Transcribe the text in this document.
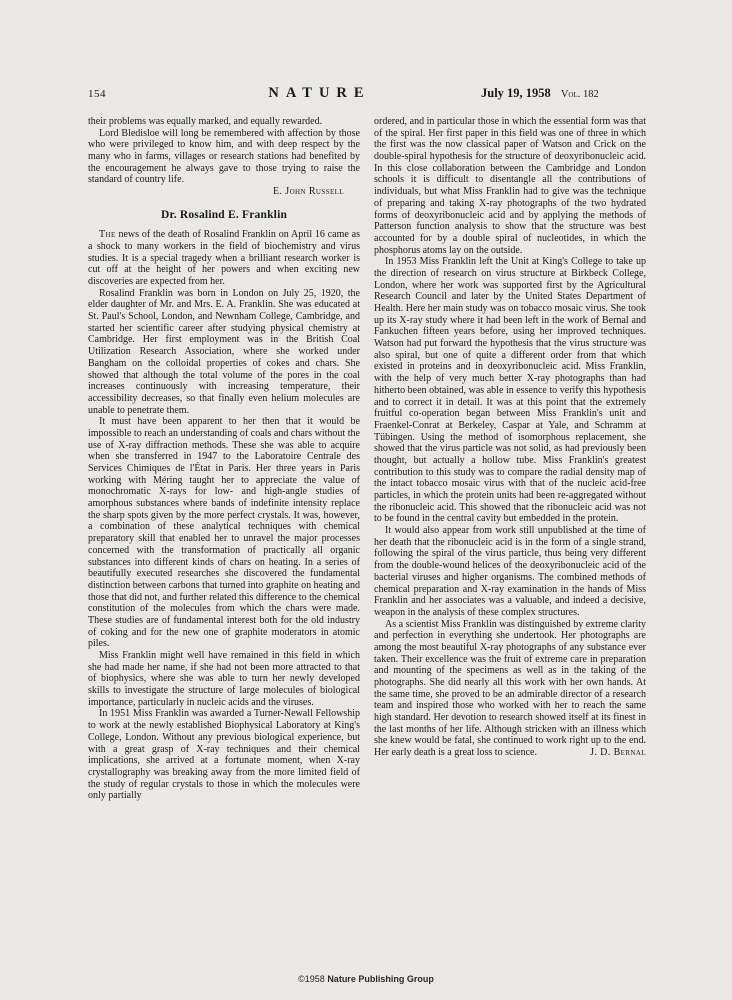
154	NATURE	July 19, 1958 Vol. 182

their problems was equally marked, and equally rewarded.

Lord Bledisloe will long be remembered with affection by those who were privileged to know him, and with deep respect by the many who in farms, villages or research stations had benefited by the encouragement he always gave to those trying to raise the standard of country life.

E. John Russell

Dr. Rosalind E. Franklin

The news of the death of Rosalind Franklin on April 16 came as a shock to many workers in the field of biochemistry and virus studies. It is a special tragedy when a brilliant research worker is cut off at the height of her powers and when exciting new discoveries are expected from her.

Rosalind Franklin was born in London on July 25, 1920, the elder daughter of Mr. and Mrs. E. A. Franklin. She was educated at St. Paul's School, London, and Newnham College, Cambridge, and started her scientific career after studying physical chemistry at Cambridge. Her first employment was in the British Coal Utilization Research Association, where she worked under Bangham on the colloidal properties of cokes and chars. She showed that although the total volume of the pores in the coal increases continuously with increasing temperature, their accessibility decreases, so that finally even helium molecules are unable to penetrate them.

It must have been apparent to her then that it would be impossible to reach an understanding of coals and chars without the use of X-ray diffraction methods. These she was able to acquire when she transferred in 1947 to the Laboratoire Centrale des Services Chimiques de l'État in Paris. Her three years in Paris working with Méring taught her to appreciate the value of monochromatic X-rays for low- and high-angle studies of amorphous substances where bands of indefinite intensity replace the sharp spots given by the more perfect crystals. It was, however, a combination of these analytical techniques with chemical preparatory skill that enabled her to unravel the major processes concerned with the transformation of practically all organic substances into different kinds of chars on heating. In a series of beautifully executed researches she discovered the fundamental distinction between carbons that turned into graphite on heating and those that did not, and further related this difference to the chemical constitution of the molecules from which the chars were made. These studies are of fundamental interest both for the old industry of coking and for the new one of graphite moderators in atomic piles.

Miss Franklin might well have remained in this field in which she had made her name, if she had not been more attracted to that of biophysics, where she was able to turn her newly developed skills to investigate the structure of large molecules of biological importance, particularly in nucleic acids and the viruses.

In 1951 Miss Franklin was awarded a Turner-Newall Fellowship to work at the newly established Biophysical Laboratory at King's College, London. Without any previous biological experience, but with a great grasp of X-ray techniques and their chemical implications, she arrived at a fortunate moment, when X-ray crystallography was breaking away from the more limited field of the study of regular crystals to those in which the molecules were only partially

ordered, and in particular those in which the essential form was that of the spiral. Her first paper in this field was one of three in which the first was the now classical paper of Watson and Crick on the double-spiral hypothesis for the structure of deoxyribonucleic acid. In this close collaboration between the Cambridge and London schools it is difficult to disentangle all the contributions of individuals, but what Miss Franklin had to give was the technique of preparing and taking X-ray photographs of the two hydrated forms of deoxyribonucleic acid and by applying the methods of Patterson function analysis to show that the structure was best accounted for by a double spiral of nucleotides, in which the phosphorus atoms lay on the outside.

In 1953 Miss Franklin left the Unit at King's College to take up the direction of research on virus structure at Birkbeck College, London, where her work was supported first by the Agricultural Research Council and later by the United States Department of Health. Here her main study was on tobacco mosaic virus. She took up its X-ray study where it had been left in the work of Bernal and Fankuchen fifteen years before, using her improved techniques. Watson had put forward the hypothesis that the virus structure was also spiral, but one of quite a different order from that which existed in proteins and in deoxyribonucleic acid. Miss Franklin, with the help of very much better X-ray photographs than had hitherto been obtained, was able in essence to verify this hypothesis and to correct it in detail. It was at this point that the extremely fruitful co-operation began between Miss Franklin's unit and Fraenkel-Conrat at Berkeley, Caspar at Yale, and Schramm at Tübingen. Using the method of isomorphous replacement, she showed that the virus particle was not solid, as had previously been thought, but actually a hollow tube. Miss Franklin's greatest contribution to this study was to compare the radial density map of the intact tobacco mosaic virus with that of the nucleic acid-free particles, in which the protein units had been re-aggregated without the ribonucleic acid. This showed that the ribonucleic acid was not to be found in the central cavity but embedded in the protein.

It would also appear from work still unpublished at the time of her death that the ribonucleic acid is in the form of a single strand, following the spiral of the virus particle, thus being very different from the double-wound helices of the deoxyribonucleic acid of the bacterial viruses and higher organisms. The combined methods of chemical preparation and X-ray examination in the hands of Miss Franklin and her associates was a valuable, and indeed a decisive, weapon in the analysis of these complex structures.

As a scientist Miss Franklin was distinguished by extreme clarity and perfection in everything she undertook. Her photographs are among the most beautiful X-ray photographs of any substance ever taken. Their excellence was the fruit of extreme care in preparation and mounting of the specimens as well as in the taking of the photographs. She did nearly all this work with her own hands. At the same time, she proved to be an admirable director of a research team and inspired those who worked with her to reach the same high standard. Her devotion to research showed itself at its finest in the last months of her life. Although stricken with an illness which she knew would be fatal, she continued to work right up to the end. Her early death is a great loss to science.	J. D. Bernal

©1958 Nature Publishing Group
